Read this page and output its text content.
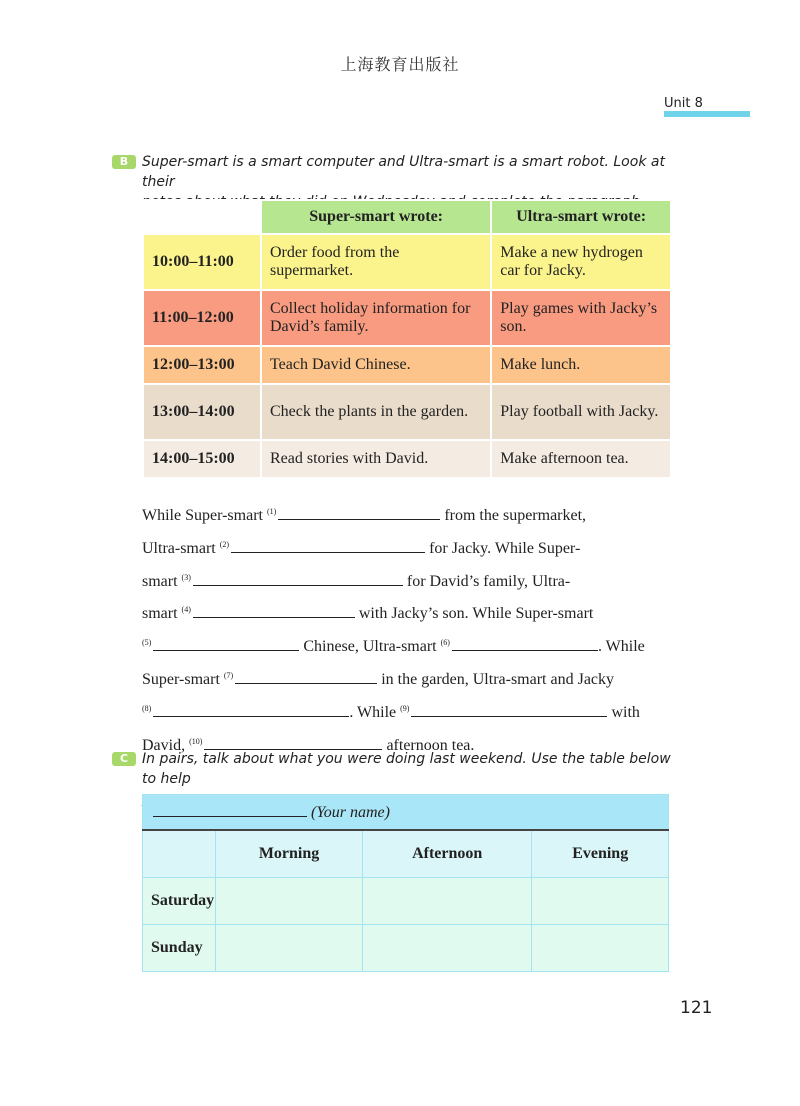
上海教育出版社
Unit 8
B Super-smart is a smart computer and Ultra-smart is a smart robot. Look at their
	Super-smart wrote:	Ultra-smart wrote:
10:00–11:00	Order food from the supermarket.	Make a new hydrogen car for Jacky.
11:00–12:00	Collect holiday information for David’s family.	Play games with Jacky’s son.
12:00–13:00	Teach David Chinese.	Make lunch.
13:00–14:00	Check the plants in the garden.	Play football with Jacky.
14:00–15:00	Read stories with David.	Make afternoon tea.
While Super-smart $^{(1)}$	from the supermarket,
Ultra-smart $^{(2)}$	for Jacky. While Super-
smart $^{(3)}$	for David’s family, Ultra-
smart $^{(4)}$	with Jacky’s son. While Super-smart
$^{(5)}$	Chinese, Ultra-smart $^{(6)}$	. While
Super-smart $^{(7)}$	in the garden, Ultra-smart and Jacky
$^{(8)}$	. While $^{(9)}$	with
David, $^{(10)}$	afternoon tea.
C In pairs, talk about what you were doing last weekend. Use the table below to help
(Your name)			
	Morning	Afternoon	Evening
Saturday			
Sunday			
121
